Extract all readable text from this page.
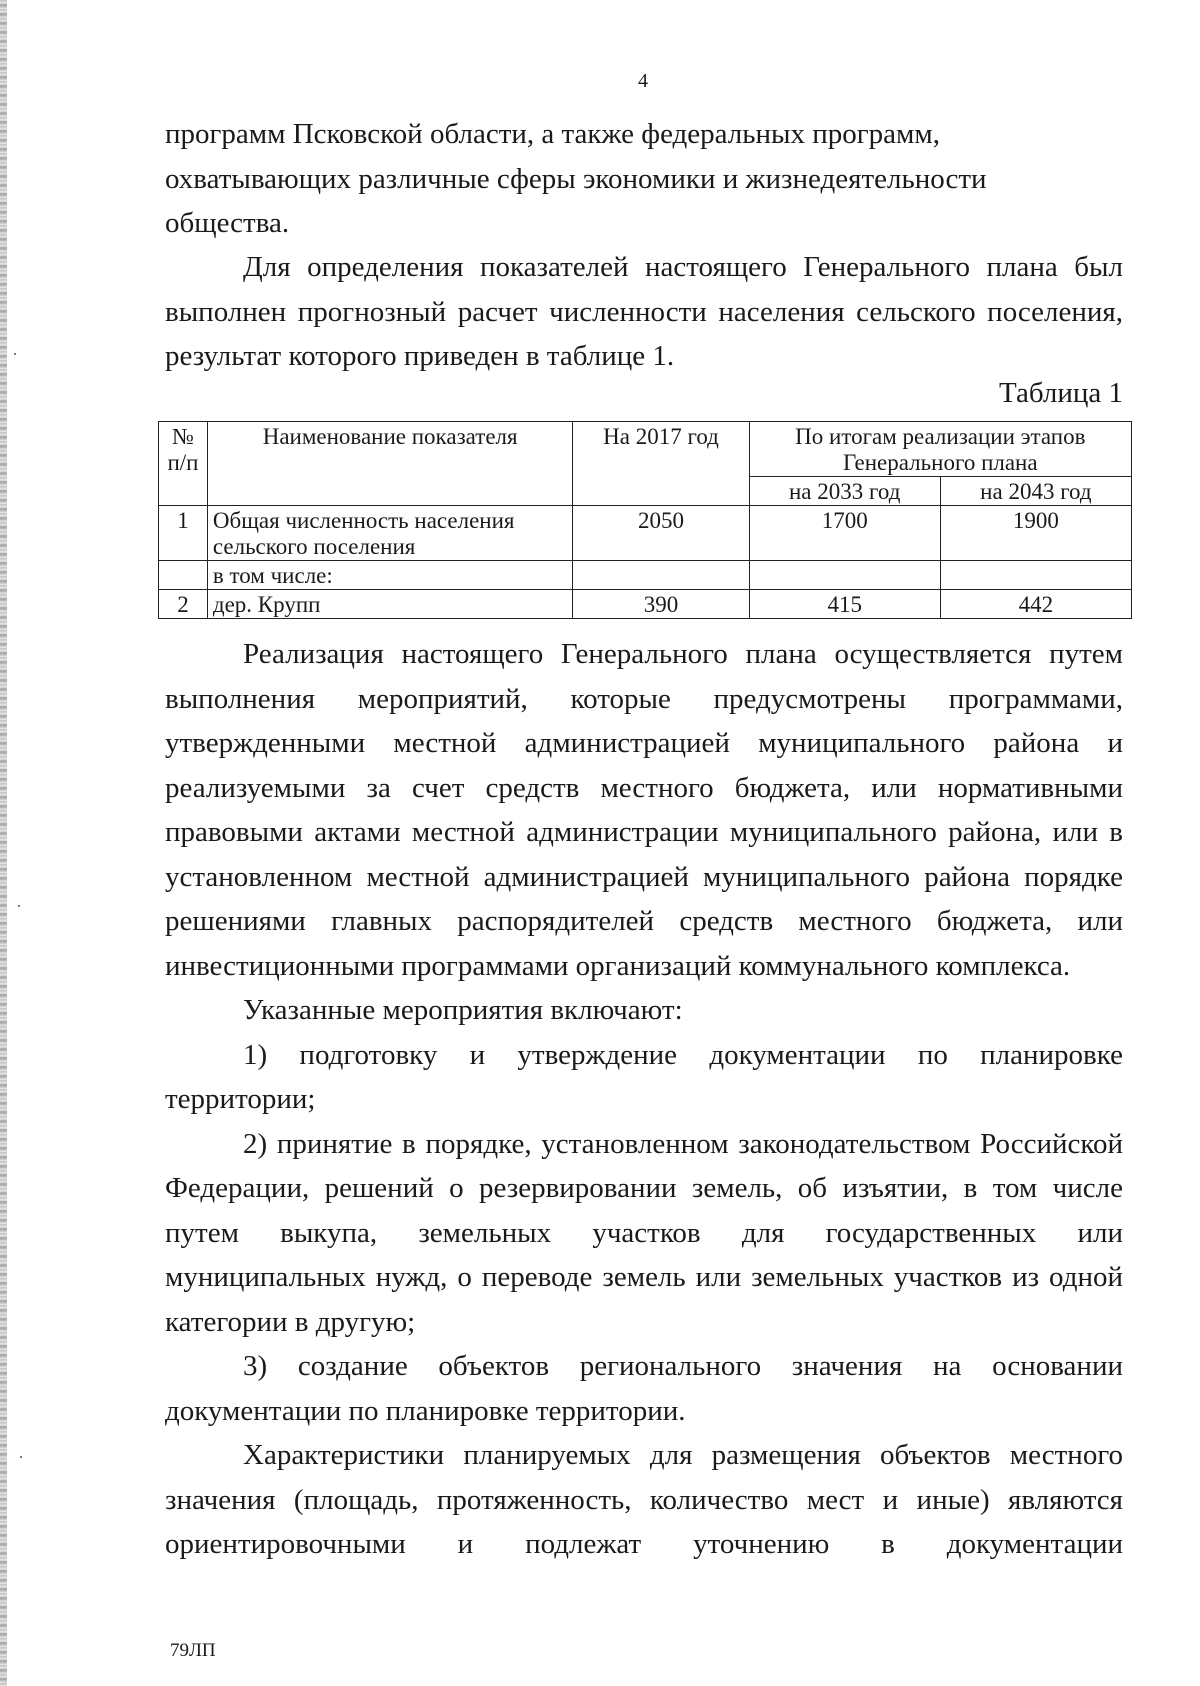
4

программ Псковской области, а также федеральных программ,

охватывающих различные сферы экономики и жизнедеятельности

общества.

Для определения показателей настоящего Генерального плана был выполнен прогнозный расчет численности населения сельского поселения, результат которого приведен в таблице 1.

Таблица 1
№ п/п	Наименование показателя	На 2017 год	По итогам реализации этапов Генерального плана	
			на 2033 год	на 2043 год
1	Общая численность населения сельского поселения	2050	1700	1900
	в том числе:			
2	дер. Крупп	390	415	442

Реализация настоящего Генерального плана осуществляется путем выполнения мероприятий, которые предусмотрены программами, утвержденными местной администрацией муниципального района и реализуемыми за счет средств местного бюджета, или нормативными правовыми актами местной администрации муниципального района, или в установленном местной администрацией муниципального района порядке решениями главных распорядителей средств местного бюджета, или инвестиционными программами организаций коммунального комплекса.

Указанные мероприятия включают:

1) подготовку и утверждение документации по планировке территории;

2) принятие в порядке, установленном законодательством Российской Федерации, решений о резервировании земель, об изъятии, в том числе путем выкупа, земельных участков для государственных или муниципальных нужд, о переводе земель или земельных участков из одной категории в другую;

3) создание объектов регионального значения на основании документации по планировке территории.

Характеристики планируемых для размещения объектов местного значения (площадь, протяженность, количество мест и иные) являются ориентировочными и подлежат уточнению в документации

79ЛП
